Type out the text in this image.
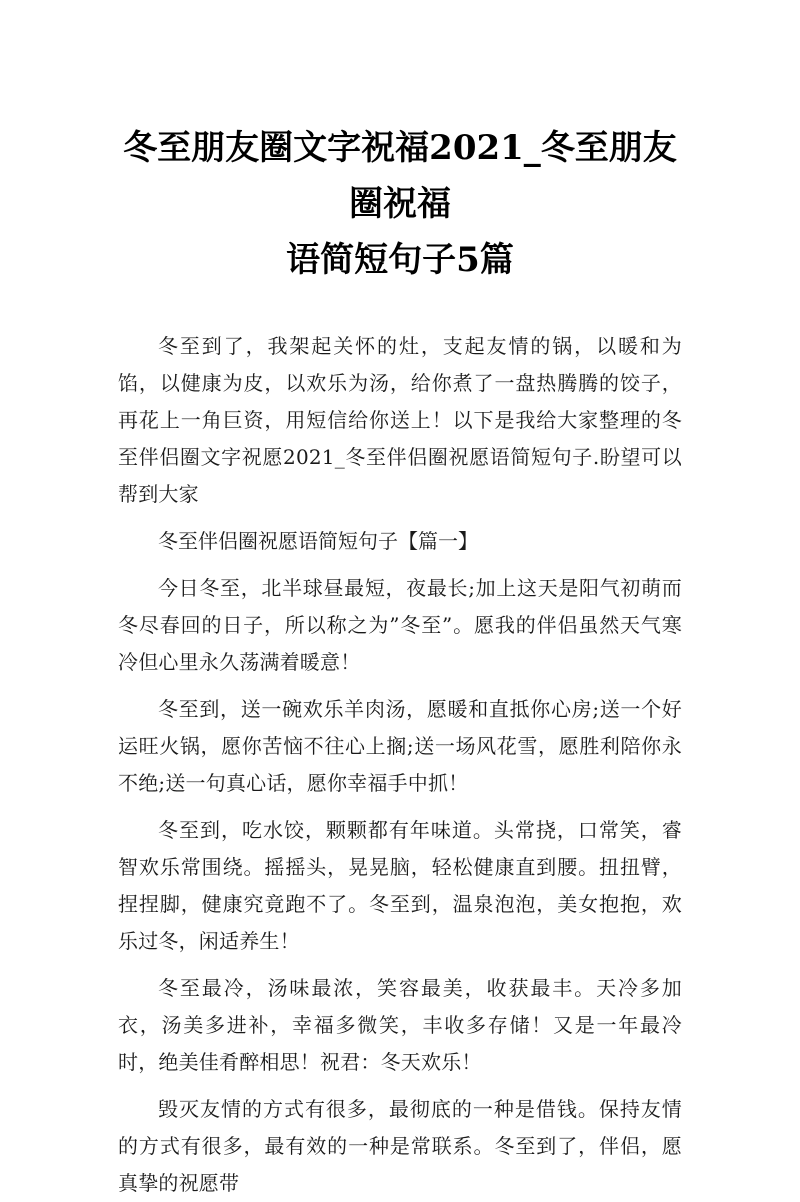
冬至朋友圈文字祝福2021_冬至朋友圈祝福
语简短句子5篇

冬至到了，我架起关怀的灶，支起友情的锅，以暖和为馅，以健康为皮，以欢乐为汤，给你煮了一盘热腾腾的饺子，再花上一角巨资，用短信给你送上！以下是我给大家整理的冬至伴侣圈文字祝愿2021_冬至伴侣圈祝愿语简短句子.盼望可以帮到大家

冬至伴侣圈祝愿语简短句子【篇一】

今日冬至，北半球昼最短，夜最长;加上这天是阳气初萌而冬尽春回的日子，所以称之为”冬至”。愿我的伴侣虽然天气寒冷但心里永久荡满着暖意！

冬至到，送一碗欢乐羊肉汤，愿暖和直抵你心房;送一个好运旺火锅，愿你苦恼不往心上搁;送一场风花雪，愿胜利陪你永不绝;送一句真心话，愿你幸福手中抓！

冬至到，吃水饺，颗颗都有年味道。头常挠，口常笑，睿智欢乐常围绕。摇摇头，晃晃脑，轻松健康直到腰。扭扭臂，捏捏脚，健康究竟跑不了。冬至到，温泉泡泡，美女抱抱，欢乐过冬，闲适养生！

冬至最冷，汤味最浓，笑容最美，收获最丰。天冷多加衣，汤美多进补，幸福多微笑，丰收多存储！又是一年最冷时，绝美佳肴醉相思！祝君：冬天欢乐！

毁灭友情的方式有很多，最彻底的一种是借钱。保持友情的方式有很多，最有效的一种是常联系。冬至到了，伴侣，愿真挚的祝愿带
